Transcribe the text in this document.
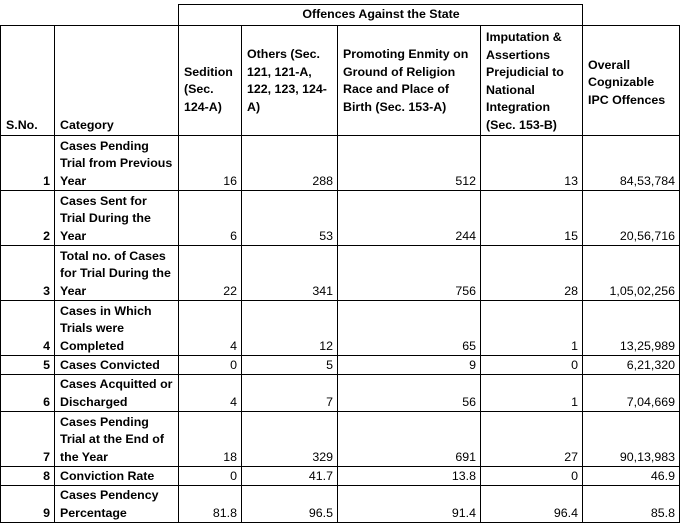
		Offences Against the State				
S.No.	Category	Sedition (Sec. 124-A)	Others (Sec. 121, 121-A, 122, 123, 124-A)	Promoting Enmity on Ground of Religion Race and Place of Birth (Sec. 153-A)	Imputation & Assertions Prejudicial to National Integration (Sec. 153-B)	Overall Cognizable IPC Offences
1	Cases Pending Trial from Previous Year	16	288	512	13	84,53,784
2	Cases Sent for Trial During the Year	6	53	244	15	20,56,716
3	Total no. of Cases for Trial During the Year	22	341	756	28	1,05,02,256
4	Cases in Which Trials were Completed	4	12	65	1	13,25,989
5	Cases Convicted	0	5	9	0	6,21,320
6	Cases Acquitted or Discharged	4	7	56	1	7,04,669
7	Cases Pending Trial at the End of the Year	18	329	691	27	90,13,983
8	Conviction Rate	0	41.7	13.8	0	46.9
9	Cases Pendency Percentage	81.8	96.5	91.4	96.4	85.8
